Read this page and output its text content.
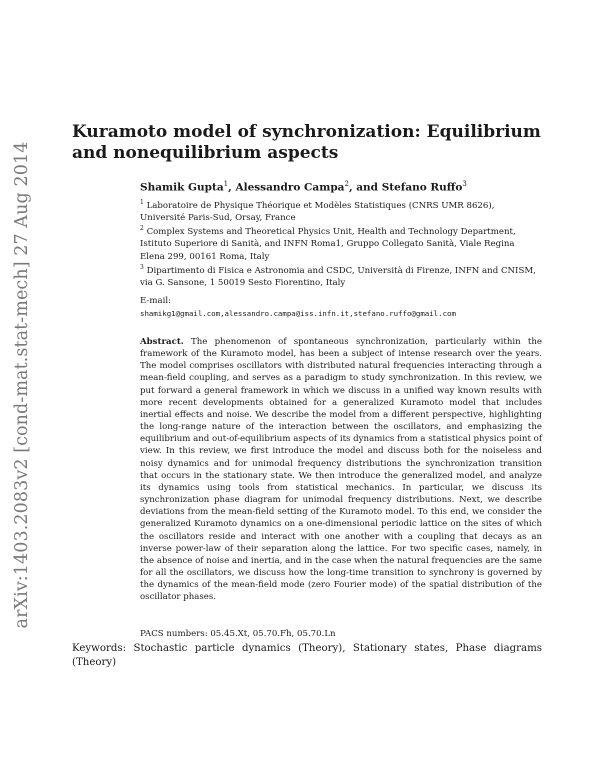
arXiv:1403.2083v2 [cond-mat.stat-mech] 27 Aug 2014
Kuramoto model of synchronization: Equilibrium and nonequilibrium aspects
Shamik Gupta$^1$, Alessandro Campa$^2$, and Stefano Ruffo$^3$
$^1$ Laboratoire de Physique Théorique et Modèles Statistiques (CNRS UMR 8626), Université Paris-Sud, Orsay, France
$^2$ Complex Systems and Theoretical Physics Unit, Health and Technology Department, Istituto Superiore di Sanità, and INFN Roma1, Gruppo Collegato Sanità, Viale Regina Elena 299, 00161 Roma, Italy
$^3$ Dipartimento di Fisica e Astronomia and CSDC, Università di Firenze, INFN and CNISM, via G. Sansone, 1 50019 Sesto Fiorentino, Italy
E-mail:
shamikg1@gmail.com,alessandro.campa@iss.infn.it,stefano.ruffo@gmail.com

Abstract. The phenomenon of spontaneous synchronization, particularly within the framework of the Kuramoto model, has been a subject of intense research over the years. The model comprises oscillators with distributed natural frequencies interacting through a mean-field coupling, and serves as a paradigm to study synchronization. In this review, we put forward a general framework in which we discuss in a unified way known results with more recent developments obtained for a generalized Kuramoto model that includes inertial effects and noise. We describe the model from a different perspective, highlighting the long-range nature of the interaction between the oscillators, and emphasizing the equilibrium and out-of-equilibrium aspects of its dynamics from a statistical physics point of view. In this review, we first introduce the model and discuss both for the noiseless and noisy dynamics and for unimodal frequency distributions the synchronization transition that occurs in the stationary state. We then introduce the generalized model, and analyze its dynamics using tools from statistical mechanics. In particular, we discuss its synchronization phase diagram for unimodal frequency distributions. Next, we describe deviations from the mean-field setting of the Kuramoto model. To this end, we consider the generalized Kuramoto dynamics on a one-dimensional periodic lattice on the sites of which the oscillators reside and interact with one another with a coupling that decays as an inverse power-law of their separation along the lattice. For two specific cases, namely, in the absence of noise and inertia, and in the case when the natural frequencies are the same for all the oscillators, we discuss how the long-time transition to synchrony is governed by the dynamics of the mean-field mode (zero Fourier mode) of the spatial distribution of the oscillator phases.

PACS numbers: 05.45.Xt, 05.70.Fh, 05.70.Ln

Keywords: Stochastic particle dynamics (Theory), Stationary states, Phase diagrams (Theory)
